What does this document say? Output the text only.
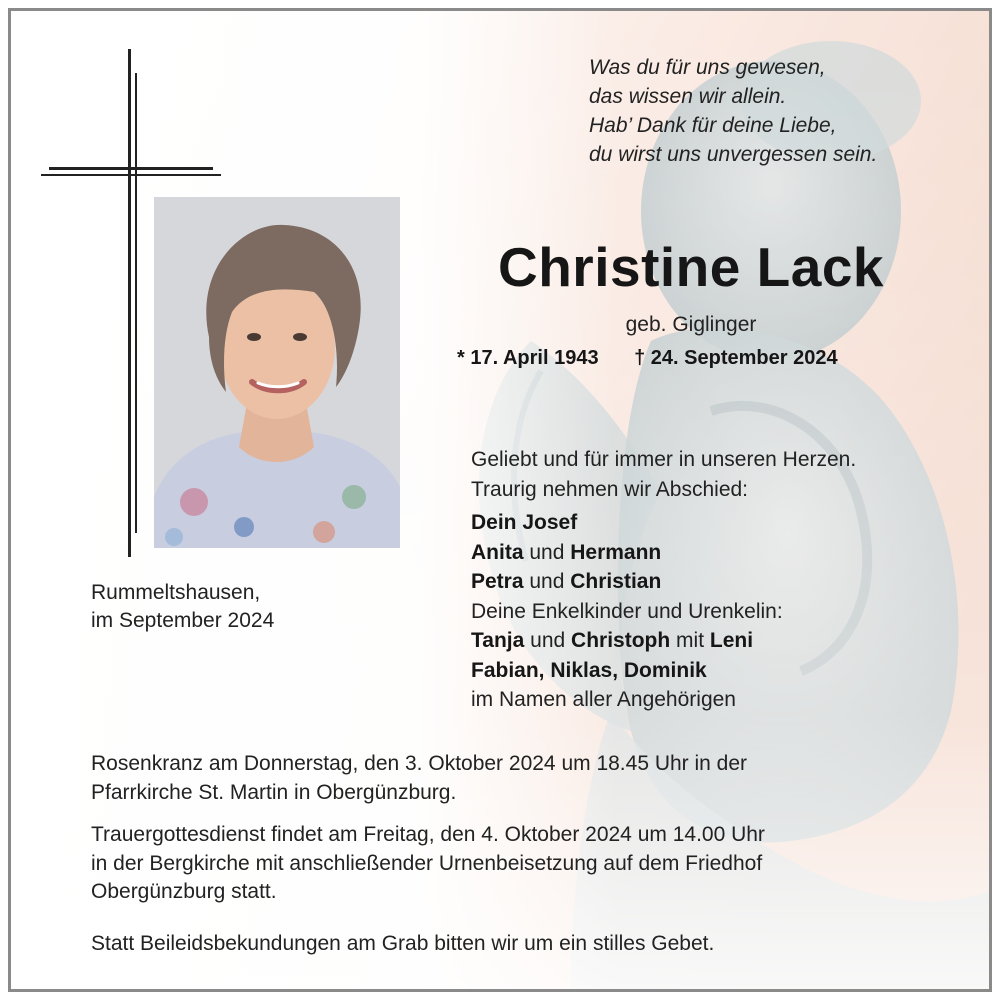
Was du für uns gewesen,
das wissen wir allein.
Hab’ Dank für deine Liebe,
du wirst uns unvergessen sein.
Christine Lack
geb. Giglinger
* 17. April 1943 † 24. September 2024
Geliebt und für immer in unseren Herzen.
Traurig nehmen wir Abschied:
Dein Josef
Anita und Hermann
Petra und Christian
Deine Enkelkinder und Urenkelin:
Tanja und Christoph mit Leni
Fabian, Niklas, Dominik
im Namen aller Angehörigen
Rummeltshausen,
im September 2024
Rosenkranz am Donnerstag, den 3. Oktober 2024 um 18.45 Uhr in der
Pfarrkirche St. Martin in Obergünzburg.
Trauergottesdienst findet am Freitag, den 4. Oktober 2024 um 14.00 Uhr
in der Bergkirche mit anschließender Urnenbeisetzung auf dem Friedhof
Obergünzburg statt.
Statt Beileidsbekundungen am Grab bitten wir um ein stilles Gebet.
